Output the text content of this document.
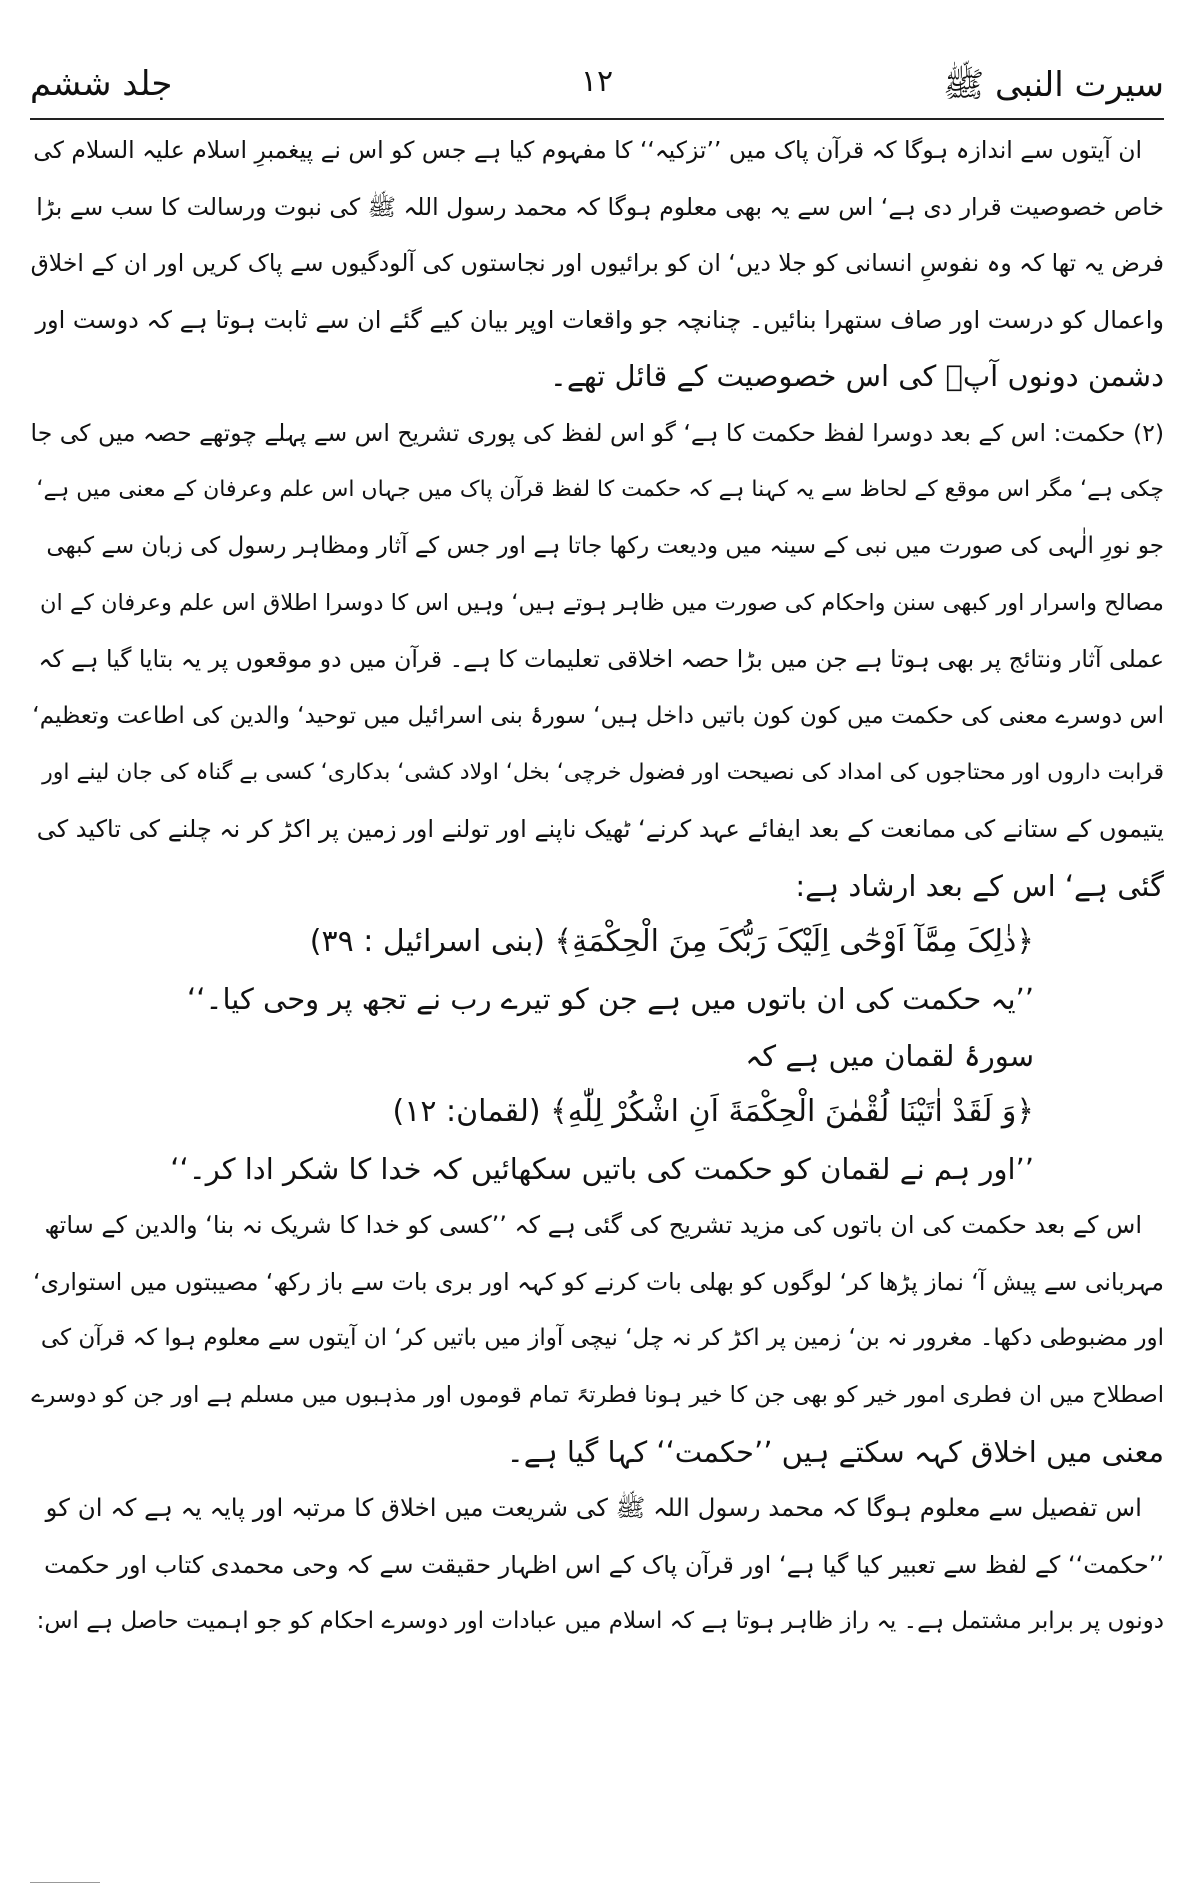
سیرت النبی ﷺ
۱۲
جلد ششم
ان آیتوں سے اندازہ ہوگا کہ قرآن پاک میں ’’تزکیہ‘‘ کا مفہوم کیا ہے جس کو اس نے پیغمبرِ اسلام علیہ السلام کی
خاص خصوصیت قرار دی ہے‘ اس سے یہ بھی معلوم ہوگا کہ محمد رسول اللہ ﷺ کی نبوت ورسالت کا سب سے بڑا
فرض یہ تھا کہ وہ نفوسِ انسانی کو جلا دیں‘ ان کو برائیوں اور نجاستوں کی آلودگیوں سے پاک کریں اور ان کے اخلاق
واعمال کو درست اور صاف ستھرا بنائیں۔ چنانچہ جو واقعات اوپر بیان کیے گئے ان سے ثابت ہوتا ہے کہ دوست اور
دشمن دونوں آپؐ کی اس خصوصیت کے قائل تھے۔
(۲) حکمت: اس کے بعد دوسرا لفظ حکمت کا ہے‘ گو اس لفظ کی پوری تشریح اس سے پہلے چوتھے حصہ میں کی جا
چکی ہے‘ مگر اس موقع کے لحاظ سے یہ کہنا ہے کہ حکمت کا لفظ قرآن پاک میں جہاں اس علم وعرفان کے معنی میں ہے‘
جو نورِ الٰہی کی صورت میں نبی کے سینہ میں ودیعت رکھا جاتا ہے اور جس کے آثار ومظاہر رسول کی زبان سے کبھی
مصالح واسرار اور کبھی سنن واحکام کی صورت میں ظاہر ہوتے ہیں‘ وہیں اس کا دوسرا اطلاق اس علم وعرفان کے ان
عملی آثار ونتائج پر بھی ہوتا ہے جن میں بڑا حصہ اخلاقی تعلیمات کا ہے۔ قرآن میں دو موقعوں پر یہ بتایا گیا ہے کہ
اس دوسرے معنی کی حکمت میں کون کون باتیں داخل ہیں‘ سورۂ بنی اسرائیل میں توحید‘ والدین کی اطاعت وتعظیم‘
قرابت داروں اور محتاجوں کی امداد کی نصیحت اور فضول خرچی‘ بخل‘ اولاد کشی‘ بدکاری‘ کسی بے گناہ کی جان لینے اور
یتیموں کے ستانے کی ممانعت کے بعد ایفائے عہد کرنے‘ ٹھیک ناپنے اور تولنے اور زمین پر اکڑ کر نہ چلنے کی تاکید کی
گئی ہے‘ اس کے بعد ارشاد ہے:
﴿ذٰلِکَ مِمَّآ اَوْحٰٓی اِلَیْکَ رَبُّکَ مِنَ الْحِکْمَةِ﴾ (بنی اسرائیل : ۳۹)
’’یہ حکمت کی ان باتوں میں ہے جن کو تیرے رب نے تجھ پر وحی کیا۔‘‘
سورۂ لقمان میں ہے کہ
﴿وَ لَقَدْ اٰتَیْنَا لُقْمٰنَ الْحِکْمَةَ اَنِ اشْکُرْ لِلّٰهِ﴾ (لقمان: ۱۲)
’’اور ہم نے لقمان کو حکمت کی باتیں سکھائیں کہ خدا کا شکر ادا کر۔‘‘
اس کے بعد حکمت کی ان باتوں کی مزید تشریح کی گئی ہے کہ ’’کسی کو خدا کا شریک نہ بنا‘ والدین کے ساتھ
مہربانی سے پیش آ‘ نماز پڑھا کر‘ لوگوں کو بھلی بات کرنے کو کہہ اور بری بات سے باز رکھ‘ مصیبتوں میں استواری‘
اور مضبوطی دکھا۔ مغرور نہ بن‘ زمین پر اکڑ کر نہ چل‘ نیچی آواز میں باتیں کر‘ ان آیتوں سے معلوم ہوا کہ قرآن کی
اصطلاح میں ان فطری امور خیر کو بھی جن کا خیر ہونا فطرتہً تمام قوموں اور مذہبوں میں مسلم ہے اور جن کو دوسرے
معنی میں اخلاق کہہ سکتے ہیں ’’حکمت‘‘ کہا گیا ہے۔
اس تفصیل سے معلوم ہوگا کہ محمد رسول اللہ ﷺ کی شریعت میں اخلاق کا مرتبہ اور پایہ یہ ہے کہ ان کو
’’حکمت‘‘ کے لفظ سے تعبیر کیا گیا ہے‘ اور قرآن پاک کے اس اظہار حقیقت سے کہ وحی محمدی کتاب اور حکمت
دونوں پر برابر مشتمل ہے۔ یہ راز ظاہر ہوتا ہے کہ اسلام میں عبادات اور دوسرے احکام کو جو اہمیت حاصل ہے اس:
